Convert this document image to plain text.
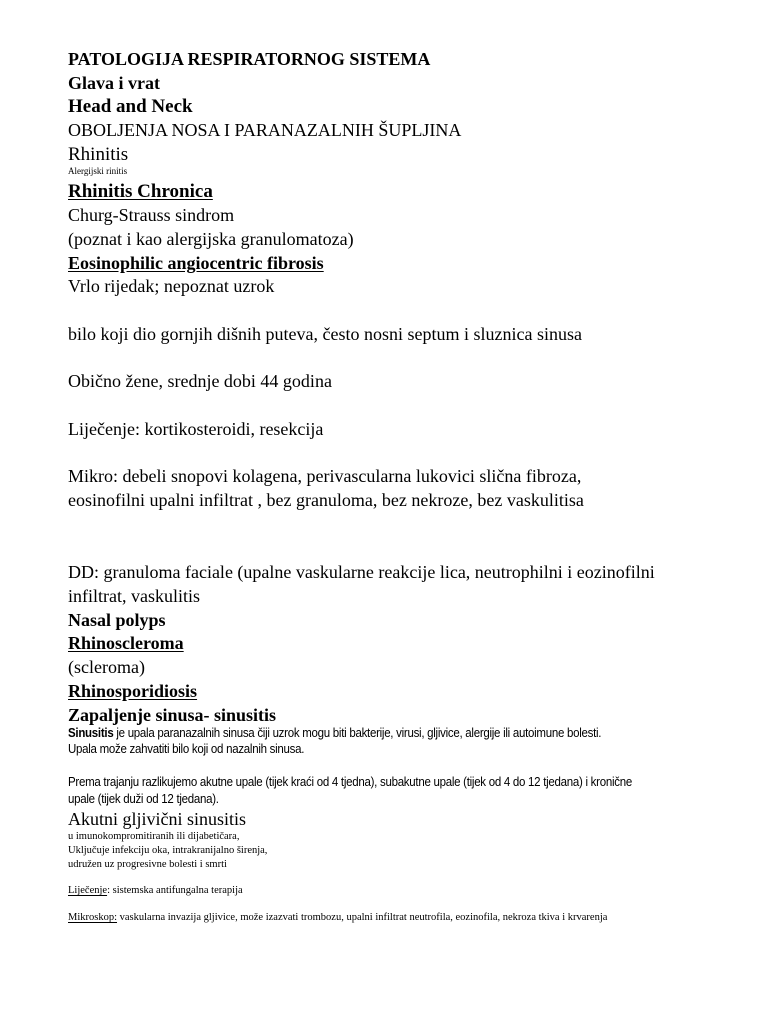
PATOLOGIJA RESPIRATORNOG SISTEMA
Glava i vrat
Head and Neck
OBOLJENJA NOSA I PARANAZALNIH ŠUPLJINA
Rhinitis
Alergijski rinitis
Rhinitis Chronica
Churg-Strauss sindrom
(poznat i kao alergijska granulomatoza)
Eosinophilic angiocentric fibrosis
Vrlo rijedak; nepoznat uzrok
bilo koji dio gornjih dišnih puteva, često nosni septum i sluznica sinusa
Obično žene, srednje dobi 44 godina
Liječenje: kortikosteroidi, resekcija
Mikro: debeli snopovi kolagena, perivascularna lukovici slična fibroza,
eosinofilni upalni infiltrat , bez granuloma, bez nekroze, bez vaskulitisa
DD: granuloma faciale (upalne vaskularne reakcije lica, neutrophilni i eozinofilni
infiltrat, vaskulitis
Nasal polyps
Rhinoscleroma
(scleroma)
Rhinosporidiosis
Zapaljenje sinusa- sinusitis
Sinusitis je upala paranazalnih sinusa čiji uzrok mogu biti bakterije, virusi, gljivice, alergije ili autoimune bolesti.
Upala može zahvatiti bilo koji od nazalnih sinusa.
Prema trajanju razlikujemo akutne upale (tijek kraći od 4 tjedna), subakutne upale (tijek od 4 do 12 tjedana) i kronične
upale (tijek duži od 12 tjedana).
Akutni gljivični sinusitis
u imunokompromitiranih ili dijabetičara,
Uključuje infekciju oka, intrakranijalno širenja,
udružen uz progresivne bolesti i smrti
Liječenje: sistemska antifungalna terapija
Mikroskop: vaskularna invazija gljivice, može izazvati trombozu, upalni infiltrat neutrofila, eozinofila, nekroza tkiva i krvarenja
